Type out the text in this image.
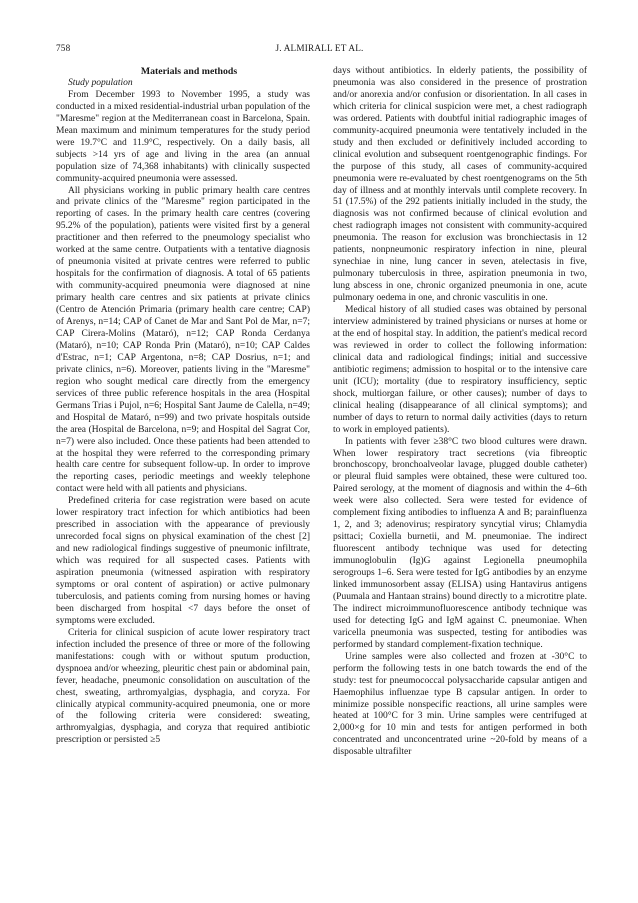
758	J. ALMIRALL ET AL.

Materials and methods

Study population

From December 1993 to November 1995, a study was conducted in a mixed residential-industrial urban population of the "Maresme" region at the Mediterranean coast in Barcelona, Spain. Mean maximum and minimum temperatures for the study period were 19.7°C and 11.9°C, respectively. On a daily basis, all subjects >14 yrs of age and living in the area (an annual population size of 74,368 inhabitants) with clinically suspected community-acquired pneumonia were assessed.

All physicians working in public primary health care centres and private clinics of the "Maresme" region participated in the reporting of cases. In the primary health care centres (covering 95.2% of the population), patients were visited first by a general practitioner and then referred to the pneumology specialist who worked at the same centre. Outpatients with a tentative diagnosis of pneumonia visited at private centres were referred to public hospitals for the confirmation of diagnosis. A total of 65 patients with community-acquired pneumonia were diagnosed at nine primary health care centres and six patients at private clinics (Centro de Atención Primaria (primary health care centre; CAP) of Arenys, n=14; CAP of Canet de Mar and Sant Pol de Mar, n=7; CAP Cirera-Molins (Mataró), n=12; CAP Ronda Cerdanya (Mataró), n=10; CAP Ronda Prin (Mataró), n=10; CAP Caldes d'Estrac, n=1; CAP Argentona, n=8; CAP Dosrius, n=1; and private clinics, n=6). Moreover, patients living in the "Maresme" region who sought medical care directly from the emergency services of three public reference hospitals in the area (Hospital Germans Trias i Pujol, n=6; Hospital Sant Jaume de Calella, n=49; and Hospital de Mataró, n=99) and two private hospitals outside the area (Hospital de Barcelona, n=9; and Hospital del Sagrat Cor, n=7) were also included. Once these patients had been attended to at the hospital they were referred to the corresponding primary health care centre for subsequent follow-up. In order to improve the reporting cases, periodic meetings and weekly telephone contact were held with all patients and physicians.

Predefined criteria for case registration were based on acute lower respiratory tract infection for which antibiotics had been prescribed in association with the appearance of previously unrecorded focal signs on physical examination of the chest [2] and new radiological findings suggestive of pneumonic infiltrate, which was required for all suspected cases. Patients with aspiration pneumonia (witnessed aspiration with respiratory symptoms or oral content of aspiration) or active pulmonary tuberculosis, and patients coming from nursing homes or having been discharged from hospital <7 days before the onset of symptoms were excluded.

Criteria for clinical suspicion of acute lower respiratory tract infection included the presence of three or more of the following manifestations: cough with or without sputum production, dyspnoea and/or wheezing, pleuritic chest pain or abdominal pain, fever, headache, pneumonic consolidation on auscultation of the chest, sweating, arthromyalgias, dysphagia, and coryza. For clinically atypical community-acquired pneumonia, one or more of the following criteria were considered: sweating, arthromyalgias, dysphagia, and coryza that required antibiotic prescription or persisted ≥5

days without antibiotics. In elderly patients, the possibility of pneumonia was also considered in the presence of prostration and/or anorexia and/or confusion or disorientation. In all cases in which criteria for clinical suspicion were met, a chest radiograph was ordered. Patients with doubtful initial radiographic images of community-acquired pneumonia were tentatively included in the study and then excluded or definitively included according to clinical evolution and subsequent roentgenographic findings. For the purpose of this study, all cases of community-acquired pneumonia were re-evaluated by chest roentgenograms on the 5th day of illness and at monthly intervals until complete recovery. In 51 (17.5%) of the 292 patients initially included in the study, the diagnosis was not confirmed because of clinical evolution and chest radiograph images not consistent with community-acquired pneumonia. The reason for exclusion was bronchiectasis in 12 patients, nonpneumonic respiratory infection in nine, pleural synechiae in nine, lung cancer in seven, atelectasis in five, pulmonary tuberculosis in three, aspiration pneumonia in two, lung abscess in one, chronic organized pneumonia in one, acute pulmonary oedema in one, and chronic vasculitis in one.

Medical history of all studied cases was obtained by personal interview administered by trained physicians or nurses at home or at the end of hospital stay. In addition, the patient's medical record was reviewed in order to collect the following information: clinical data and radiological findings; initial and successive antibiotic regimens; admission to hospital or to the intensive care unit (ICU); mortality (due to respiratory insufficiency, septic shock, multiorgan failure, or other causes); number of days to clinical healing (disappearance of all clinical symptoms); and number of days to return to normal daily activities (days to return to work in employed patients).

In patients with fever ≥38°C two blood cultures were drawn. When lower respiratory tract secretions (via fibreoptic bronchoscopy, bronchoalveolar lavage, plugged double catheter) or pleural fluid samples were obtained, these were cultured too. Paired serology, at the moment of diagnosis and within the 4–6th week were also collected. Sera were tested for evidence of complement fixing antibodies to influenza A and B; parainfluenza 1, 2, and 3; adenovirus; respiratory syncytial virus; Chlamydia psittaci; Coxiella burnetii, and M. pneumoniae. The indirect fluorescent antibody technique was used for detecting immunoglobulin (Ig)G against Legionella pneumophila serogroups 1–6. Sera were tested for IgG antibodies by an enzyme linked immunosorbent assay (ELISA) using Hantavirus antigens (Puumala and Hantaan strains) bound directly to a microtitre plate. The indirect microimmunofluorescence antibody technique was used for detecting IgG and IgM against C. pneumoniae. When varicella pneumonia was suspected, testing for antibodies was performed by standard complement-fixation technique.

Urine samples were also collected and frozen at -30°C to perform the following tests in one batch towards the end of the study: test for pneumococcal polysaccharide capsular antigen and Haemophilus influenzae type B capsular antigen. In order to minimize possible nonspecific reactions, all urine samples were heated at 100°C for 3 min. Urine samples were centrifuged at 2,000×g for 10 min and tests for antigen performed in both concentrated and unconcentrated urine ~20-fold by means of a disposable ultrafilter
